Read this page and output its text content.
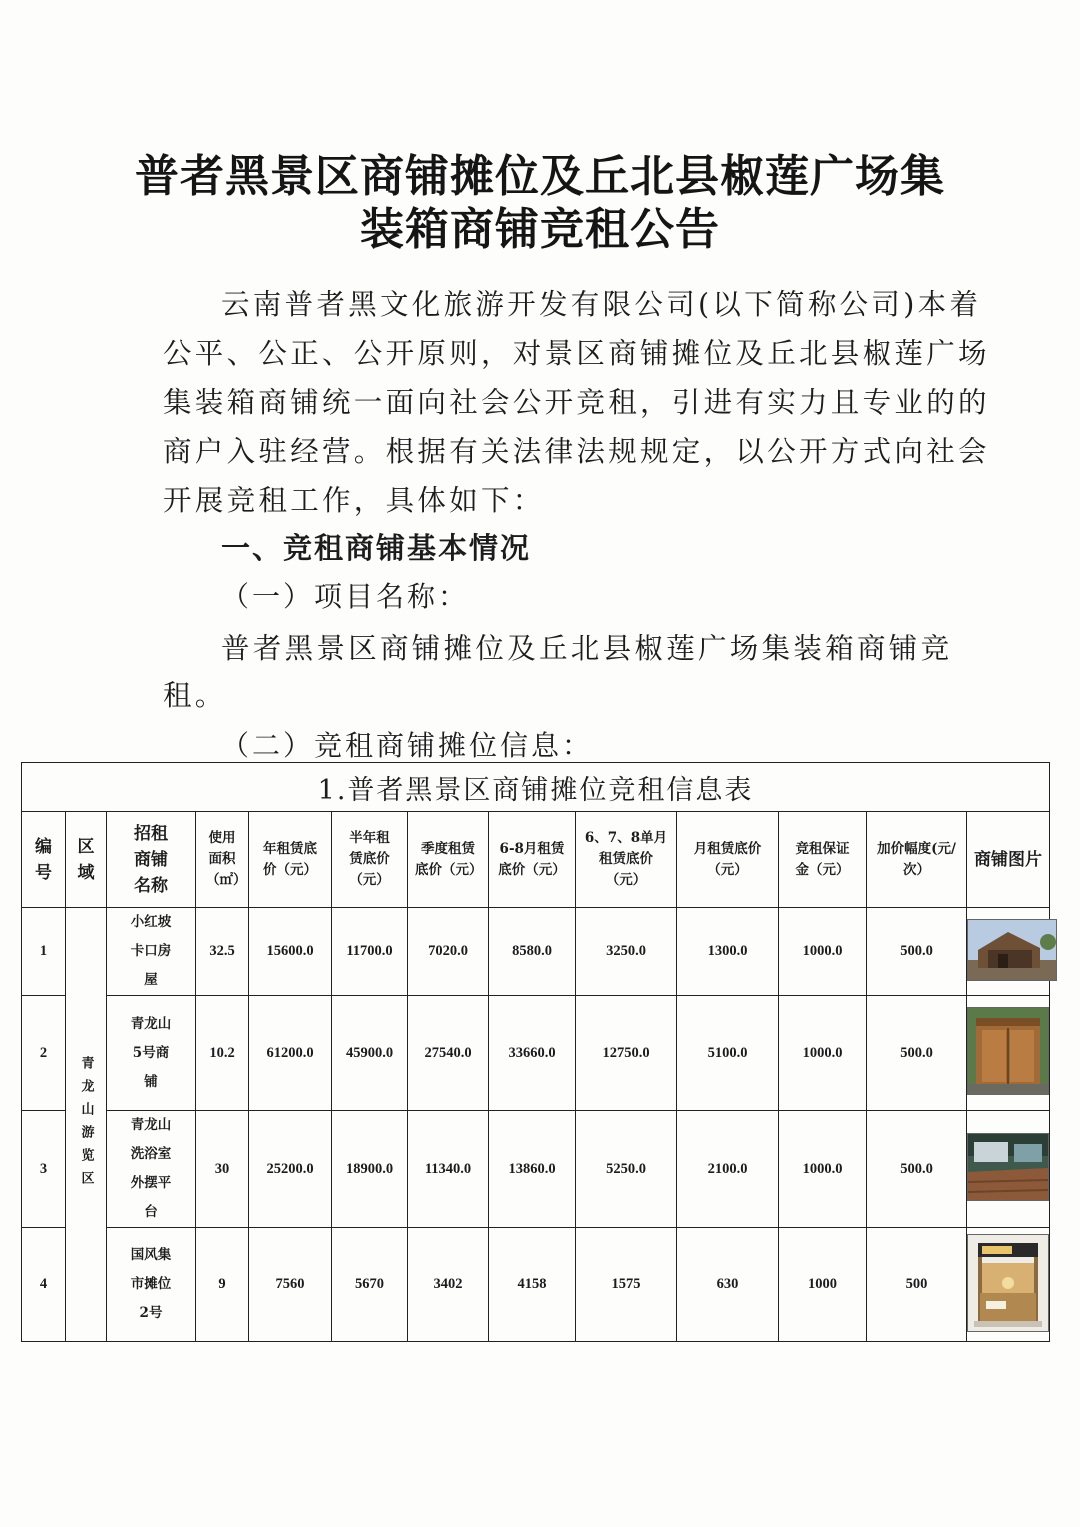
普者黑景区商铺摊位及丘北县椒莲广场集
装箱商铺竞租公告
云南普者黑文化旅游开发有限公司(以下简称公司)本着
公平、公正、公开原则，对景区商铺摊位及丘北县椒莲广场
集装箱商铺统一面向社会公开竞租，引进有实力且专业的的
商户入驻经营。根据有关法律法规规定，以公开方式向社会
开展竞租工作，具体如下：
一、竞租商铺基本情况
（一）项目名称：
普者黑景区商铺摊位及丘北县椒莲广场集装箱商铺竞
租。
（二）竞租商铺摊位信息：
1.普者黑景区商铺摊位竞租信息表												

编号	区域	招租商铺名称	使用面积（㎡）	年租赁底价（元）	半年租赁底价（元）	季度租赁底价（元）	6-8月租赁底价（元）	6、7、8单月租赁底价（元）	月租赁底价（元）	竞租保证金（元）	加价幅度(元/次）	商铺图片
1	青龙山游览区	小红坡卡口房屋	32.5	15600.0	11700.0	7020.0	8580.0	3250.0	1300.0	1000.0	500.0	
2		青龙山5号商铺	10.2	61200.0	45900.0	27540.0	33660.0	12750.0	5100.0	1000.0	500.0	
3		青龙山洗浴室外摆平台	30	25200.0	18900.0	11340.0	13860.0	5250.0	2100.0	1000.0	500.0	
4		国风集市摊位2号	9	7560	5670	3402	4158	1575	630	1000	500	
